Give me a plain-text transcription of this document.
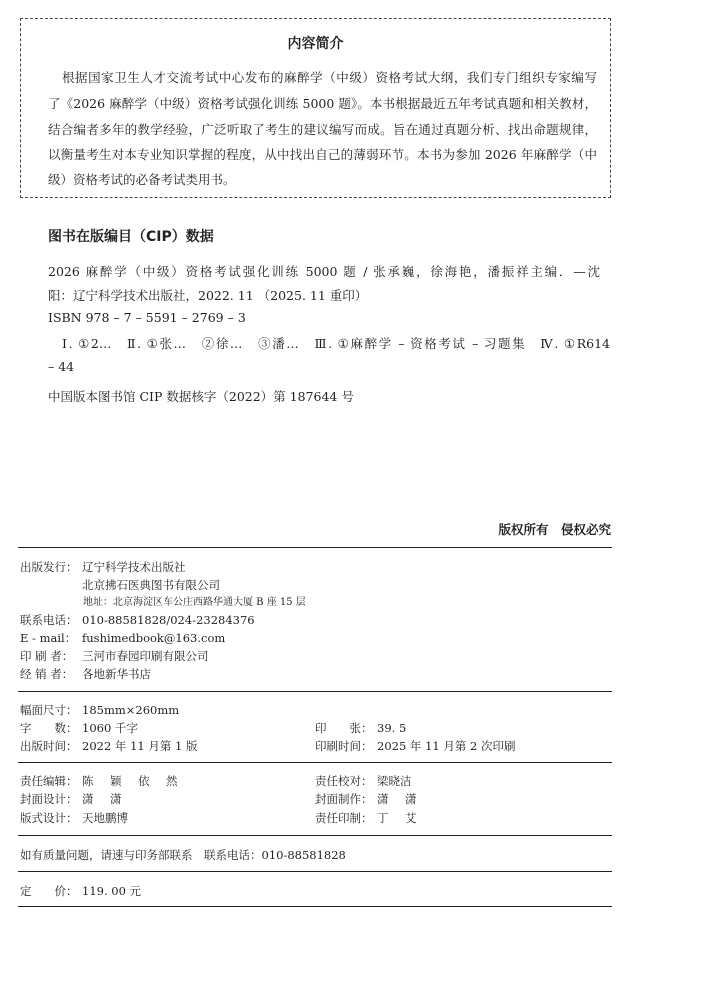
内容简介
根据国家卫生人才交流考试中心发布的麻醉学（中级）资格考试大纲，我们专门组织专家编写
了《2026 麻醉学（中级）资格考试强化训练 5000 题》。本书根据最近五年考试真题和相关教材，
结合编者多年的教学经验，广泛听取了考生的建议编写而成。旨在通过真题分析、找出命题规律，
以衡量考生对本专业知识掌握的程度，从中找出自己的薄弱环节。本书为参加 2026 年麻醉学（中
级）资格考试的必备考试类用书。
图书在版编目（CIP）数据
2026 麻醉学（中级）资格考试强化训练 5000 题 / 张承巍，徐海艳，潘振祥主编．—沈
阳：辽宁科学技术出版社，2022. 11 （2025. 11 重印）
ISBN 978 – 7 – 5591 – 2769 – 3
Ⅰ. ①2…　Ⅱ. ①张…　②徐…　③潘…　Ⅲ. ①麻醉学 – 资格考试 – 习题集　Ⅳ. ①R614
– 44
中国版本图书馆 CIP 数据核字（2022）第 187644 号
版权所有　侵权必究
出版发行： 辽宁科学技术出版社
北京拂石医典图书有限公司
地址：北京海淀区车公庄西路华通大厦 B 座 15 层
联系电话： 010-88581828/024-23284376
E - mail： fushimedbook@163.com
印 刷 者： 三河市春园印刷有限公司
经 销 者： 各地新华书店
幅面尺寸： 185mm×260mm
字　　数： 1060 千字	印　　张： 39. 5
出版时间： 2022 年 11 月第 1 版	印刷时间： 2025 年 11 月第 2 次印刷
责任编辑： 陈　颖　依　然	责任校对： 梁晓洁
封面设计： 潇　潇	封面制作： 潇　潇
版式设计： 天地鹏博	责任印制： 丁　艾
如有质量问题，请速与印务部联系　联系电话：010-88581828
定　　价： 119. 00 元
